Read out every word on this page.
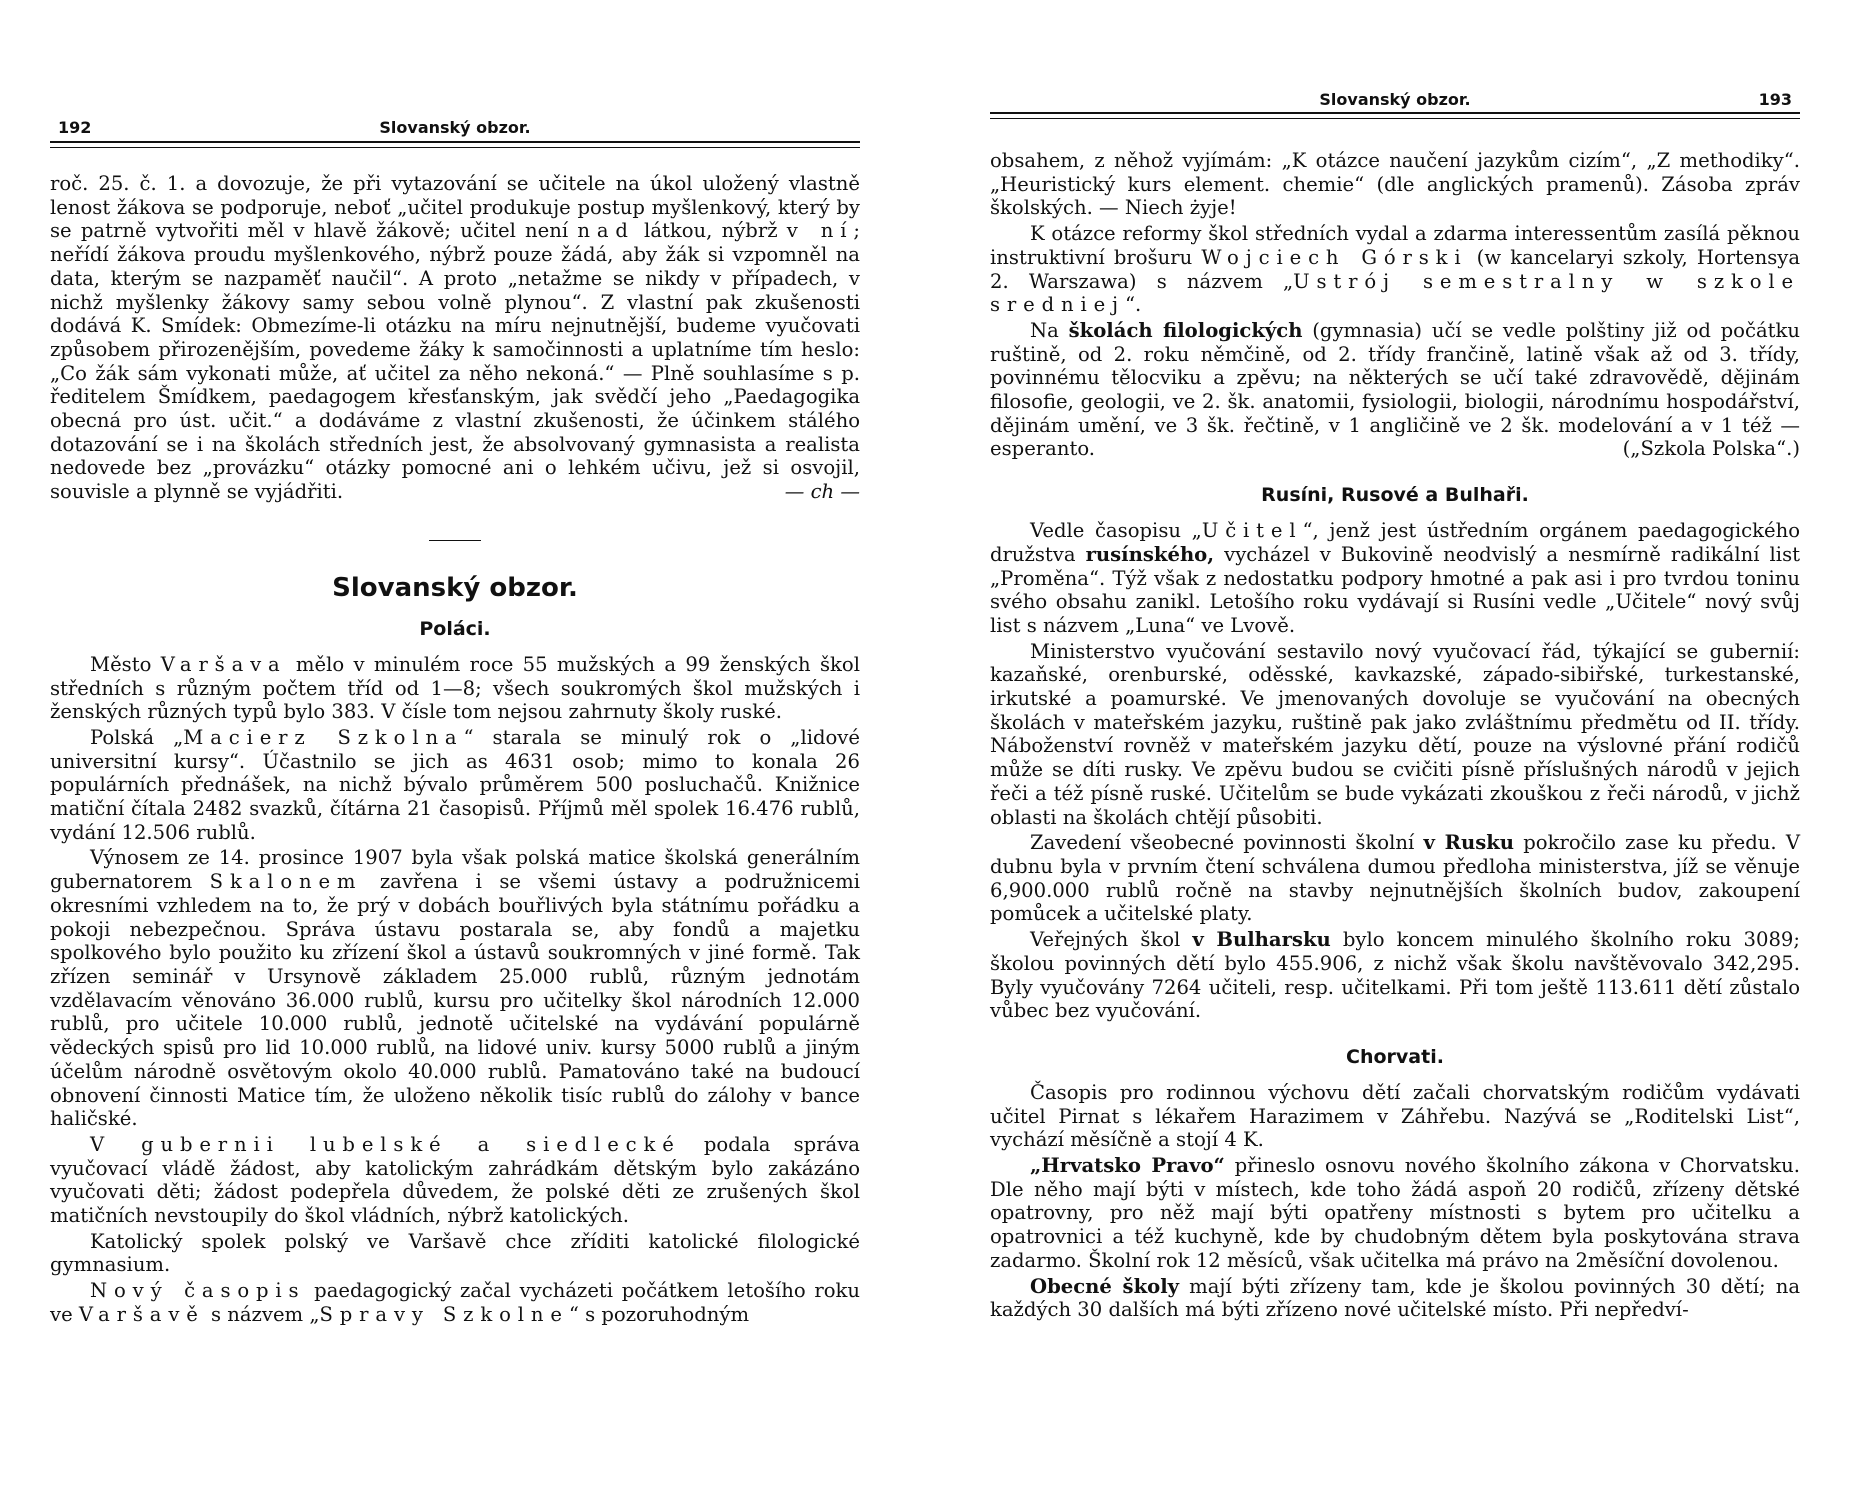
192	Slovanský obzor.

roč. 25. č. 1. a dovozuje, že při vytazování se učitele na úkol uložený vlastně lenost žákova se podporuje, neboť „učitel produkuje postup myšlenkový, který by se patrně vytvořiti měl v hlavě žákově; učitel není nad látkou, nýbrž v ní; neřídí žákova proudu myšlenkového, nýbrž pouze žádá, aby žák si vzpomněl na data, kterým se nazpaměť naučil“. A proto „netažme se nikdy v případech, v nichž myšlenky žákovy samy sebou volně plynou“. Z vlastní pak zkušenosti dodává K. Smídek: Obmezíme-li otázku na míru nejnutnější, budeme vyučovati způsobem přirozenějším, povedeme žáky k samočinnosti a uplatníme tím heslo: „Co žák sám vykonati může, ať učitel za něho nekoná.“ — Plně souhlasíme s p. ředitelem Šmídkem, paedagogem křesťanským, jak svědčí jeho „Paedagogika obecná pro úst. učit.“ a dodáváme z vlastní zkušenosti, že účinkem stálého dotazování se i na školách středních jest, že absolvovaný gymnasista a realista nedovede bez „provázku“ otázky pomocné ani o lehkém učivu, jež si osvojil, souvisle a plynně se vyjádřiti.	— ch —

Slovanský obzor.
Poláci.

Město Varšava mělo v minulém roce 55 mužských a 99 ženských škol středních s různým počtem tříd od 1—8; všech soukromých škol mužských i ženských různých typů bylo 383. V čísle tom nejsou zahrnuty školy ruské.

Polská „Macierz Szkolna“ starala se minulý rok o „lidové universitní kursy“. Účastnilo se jich as 4631 osob; mimo to konala 26 populárních přednášek, na nichž bývalo průměrem 500 posluchačů. Knižnice matiční čítala 2482 svazků, čítárna 21 časopisů. Příjmů měl spolek 16.476 rublů, vydání 12.506 rublů.

Výnosem ze 14. prosince 1907 byla však polská matice školská generálním gubernatorem Skalonem zavřena i se všemi ústavy a podružnicemi okresními vzhledem na to, že prý v dobách bouřlivých byla státnímu pořádku a pokoji nebezpečnou. Správa ústavu postarala se, aby fondů a majetku spolkového bylo použito ku zřízení škol a ústavů soukromných v jiné formě. Tak zřízen seminář v Ursynově základem 25.000 rublů, různým jednotám vzdělavacím věnováno 36.000 rublů, kursu pro učitelky škol národních 12.000 rublů, pro učitele 10.000 rublů, jednotě učitelské na vydávání populárně vědeckých spisů pro lid 10.000 rublů, na lidové univ. kursy 5000 rublů a jiným účelům národně osvětovým okolo 40.000 rublů. Pamatováno také na budoucí obnovení činnosti Matice tím, že uloženo několik tisíc rublů do zálohy v bance haličské.

V gubernii lubelské a siedlecké podala správa vyučovací vládě žádost, aby katolickým zahrádkám dětským bylo zakázáno vyučovati děti; žádost podepřela důvedem, že polské děti ze zrušených škol matičních nevstoupily do škol vládních, nýbrž katolických.

Katolický spolek polský ve Varšavě chce zříditi katolické filologické gymnasium.

Nový časopis paedagogický začal vycházeti počátkem letošího roku ve Varšavě s názvem „Spravy Szkolne“ s pozoruhodným

Slovanský obzor.	193

obsahem, z něhož vyjímám: „K otázce naučení jazykům cizím“, „Z methodiky“. „Heuristický kurs element. chemie“ (dle anglických pramenů). Zásoba zpráv školských. — Niech żyje!

K otázce reformy škol středních vydal a zdarma interessentům zasílá pěknou instruktivní brošuru Wojciech Górski (w kancelaryi szkoly, Hortensya 2. Warszawa) s názvem „Ustrój semestralny w szkole sredniej“.

Na školách filologických (gymnasia) učí se vedle polštiny již od počátku ruštině, od 2. roku němčině, od 2. třídy frančině, latině však až od 3. třídy, povinnému tělocviku a zpěvu; na některých se učí také zdravovědě, dějinám filosofie, geologii, ve 2. šk. anatomii, fysiologii, biologii, národnímu hospodářství, dějinám umění, ve 3 šk. řečtině, v 1 angličině ve 2 šk. modelování a v 1 též — esperanto.	(„Szkola Polska“.)

Rusíni, Rusové a Bulhaři.

Vedle časopisu „Učitel“, jenž jest ústředním orgánem paedagogického družstva rusínského, vycházel v Bukovině neodvislý a nesmírně radikální list „Proměna“. Týž však z nedostatku podpory hmotné a pak asi i pro tvrdou toninu svého obsahu zanikl. Letošího roku vydávají si Rusíni vedle „Učitele“ nový svůj list s názvem „Luna“ ve Lvově.

Ministerstvo vyučování sestavilo nový vyučovací řád, týkající se gubernií: kazaňské, orenburské, oděsské, kavkazské, západo-sibiřské, turkestanské, irkutské a poamurské. Ve jmenovaných dovoluje se vyučování na obecných školách v mateřském jazyku, ruštině pak jako zvláštnímu předmětu od II. třídy. Náboženství rovněž v mateřském jazyku dětí, pouze na výslovné přání rodičů může se díti rusky. Ve zpěvu budou se cvičiti písně příslušných národů v jejich řeči a též písně ruské. Učitelům se bude vykázati zkouškou z řeči národů, v jichž oblasti na školách chtějí působiti.

Zavedení všeobecné povinnosti školní v Rusku pokročilo zase ku předu. V dubnu byla v prvním čtení schválena dumou předloha ministerstva, jíž se věnuje 6,900.000 rublů ročně na stavby nejnutnějších školních budov, zakoupení pomůcek a učitelské platy.

Veřejných škol v Bulharsku bylo koncem minulého školního roku 3089; školou povinných dětí bylo 455.906, z nichž však školu navštěvovalo 342,295. Byly vyučovány 7264 učiteli, resp. učitelkami. Při tom ještě 113.611 dětí zůstalo vůbec bez vyučování.

Chorvati.

Časopis pro rodinnou výchovu dětí začali chorvatským rodičům vydávati učitel Pirnat s lékařem Harazimem v Záhřebu. Nazývá se „Roditelski List“, vychází měsíčně a stojí 4 K.

„Hrvatsko Pravo“ přineslo osnovu nového školního zákona v Chorvatsku. Dle něho mají býti v místech, kde toho žádá aspoň 20 rodičů, zřízeny dětské opatrovny, pro něž mají býti opatřeny místnosti s bytem pro učitelku a opatrovnici a též kuchyně, kde by chudobným dětem byla poskytována strava zadarmo. Školní rok 12 měsíců, však učitelka má právo na 2měsíční dovolenou.

Obecné školy mají býti zřízeny tam, kde je školou povinných 30 dětí; na každých 30 dalších má býti zřízeno nové učitelské místo. Při nepředví-
